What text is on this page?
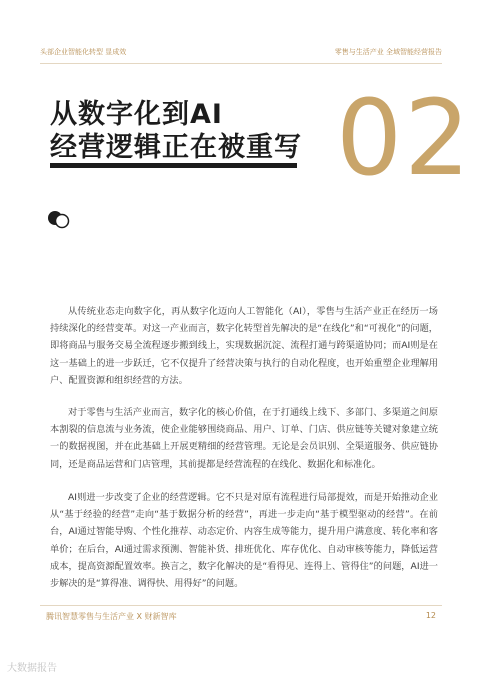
头部企业智能化转型 显成效	零售与生活产业 全域智能经营报告
从数字化到AI
经营逻辑正在被重写 02

从传统业态走向数字化，再从数字化迈向人工智能化（AI），零售与生活产业正在经历一场持续深化的经营变革。对这一产业而言，数字化转型首先解决的是“在线化”和“可视化”的问题，即将商品与服务交易全流程逐步搬到线上，实现数据沉淀、流程打通与跨渠道协同；而AI则是在这一基础上的进一步跃迁，它不仅提升了经营决策与执行的自动化程度，也开始重塑企业理解用户、配置资源和组织经营的方法。

对于零售与生活产业而言，数字化的核心价值，在于打通线上线下、多部门、多渠道之间原本割裂的信息流与业务流，使企业能够围绕商品、用户、订单、门店、供应链等关键对象建立统一的数据视图，并在此基础上开展更精细的经营管理。无论是会员识别、全渠道服务、供应链协同，还是商品运营和门店管理，其前提都是经营流程的在线化、数据化和标准化。

AI则进一步改变了企业的经营逻辑。它不只是对原有流程进行局部提效，而是开始推动企业从“基于经验的经营”走向“基于数据分析的经营”，再进一步走向“基于模型驱动的经营”。在前台，AI通过智能导购、个性化推荐、动态定价、内容生成等能力，提升用户满意度、转化率和客单价；在后台，AI通过需求预测、智能补货、排班优化、库存优化、自动审核等能力，降低运营成本，提高资源配置效率。换言之，数字化解决的是“看得见、连得上、管得住”的问题，AI进一步解决的是“算得准、调得快、用得好”的问题。

腾讯智慧零售与生活产业 X 财新智库	12
大数据报告
